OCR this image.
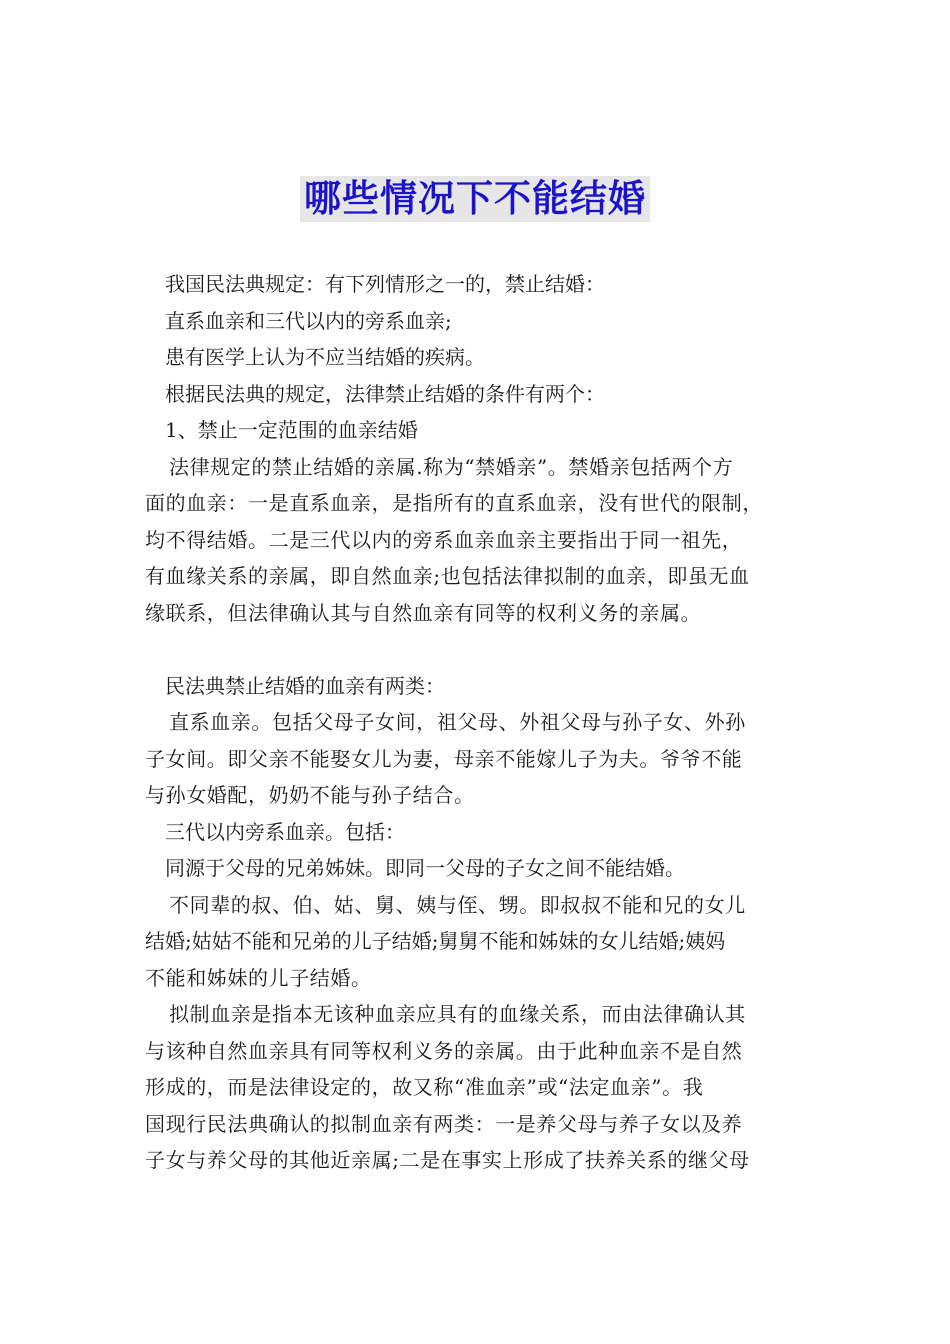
哪些情况下不能结婚

我国民法典规定：有下列情形之一的，禁止结婚：

直系血亲和三代以内的旁系血亲;

患有医学上认为不应当结婚的疾病。

根据民法典的规定，法律禁止结婚的条件有两个：

1、禁止一定范围的血亲结婚

法律规定的禁止结婚的亲属.称为“禁婚亲”。禁婚亲包括两个方

面的血亲：一是直系血亲，是指所有的直系血亲，没有世代的限制，

均不得结婚。二是三代以内的旁系血亲血亲主要指出于同一祖先，

有血缘关系的亲属，即自然血亲;也包括法律拟制的血亲，即虽无血

缘联系，但法律确认其与自然血亲有同等的权利义务的亲属。

民法典禁止结婚的血亲有两类：

直系血亲。包括父母子女间，祖父母、外祖父母与孙子女、外孙

子女间。即父亲不能娶女儿为妻，母亲不能嫁儿子为夫。爷爷不能

与孙女婚配，奶奶不能与孙子结合。

三代以内旁系血亲。包括：

同源于父母的兄弟姊妹。即同一父母的子女之间不能结婚。

不同辈的叔、伯、姑、舅、姨与侄、甥。即叔叔不能和兄的女儿

结婚;姑姑不能和兄弟的儿子结婚;舅舅不能和姊妹的女儿结婚;姨妈

不能和姊妹的儿子结婚。

拟制血亲是指本无该种血亲应具有的血缘关系，而由法律确认其

与该种自然血亲具有同等权利义务的亲属。由于此种血亲不是自然

形成的，而是法律设定的，故又称“准血亲”或“法定血亲”。我

国现行民法典确认的拟制血亲有两类：一是养父母与养子女以及养

子女与养父母的其他近亲属;二是在事实上形成了扶养关系的继父母
